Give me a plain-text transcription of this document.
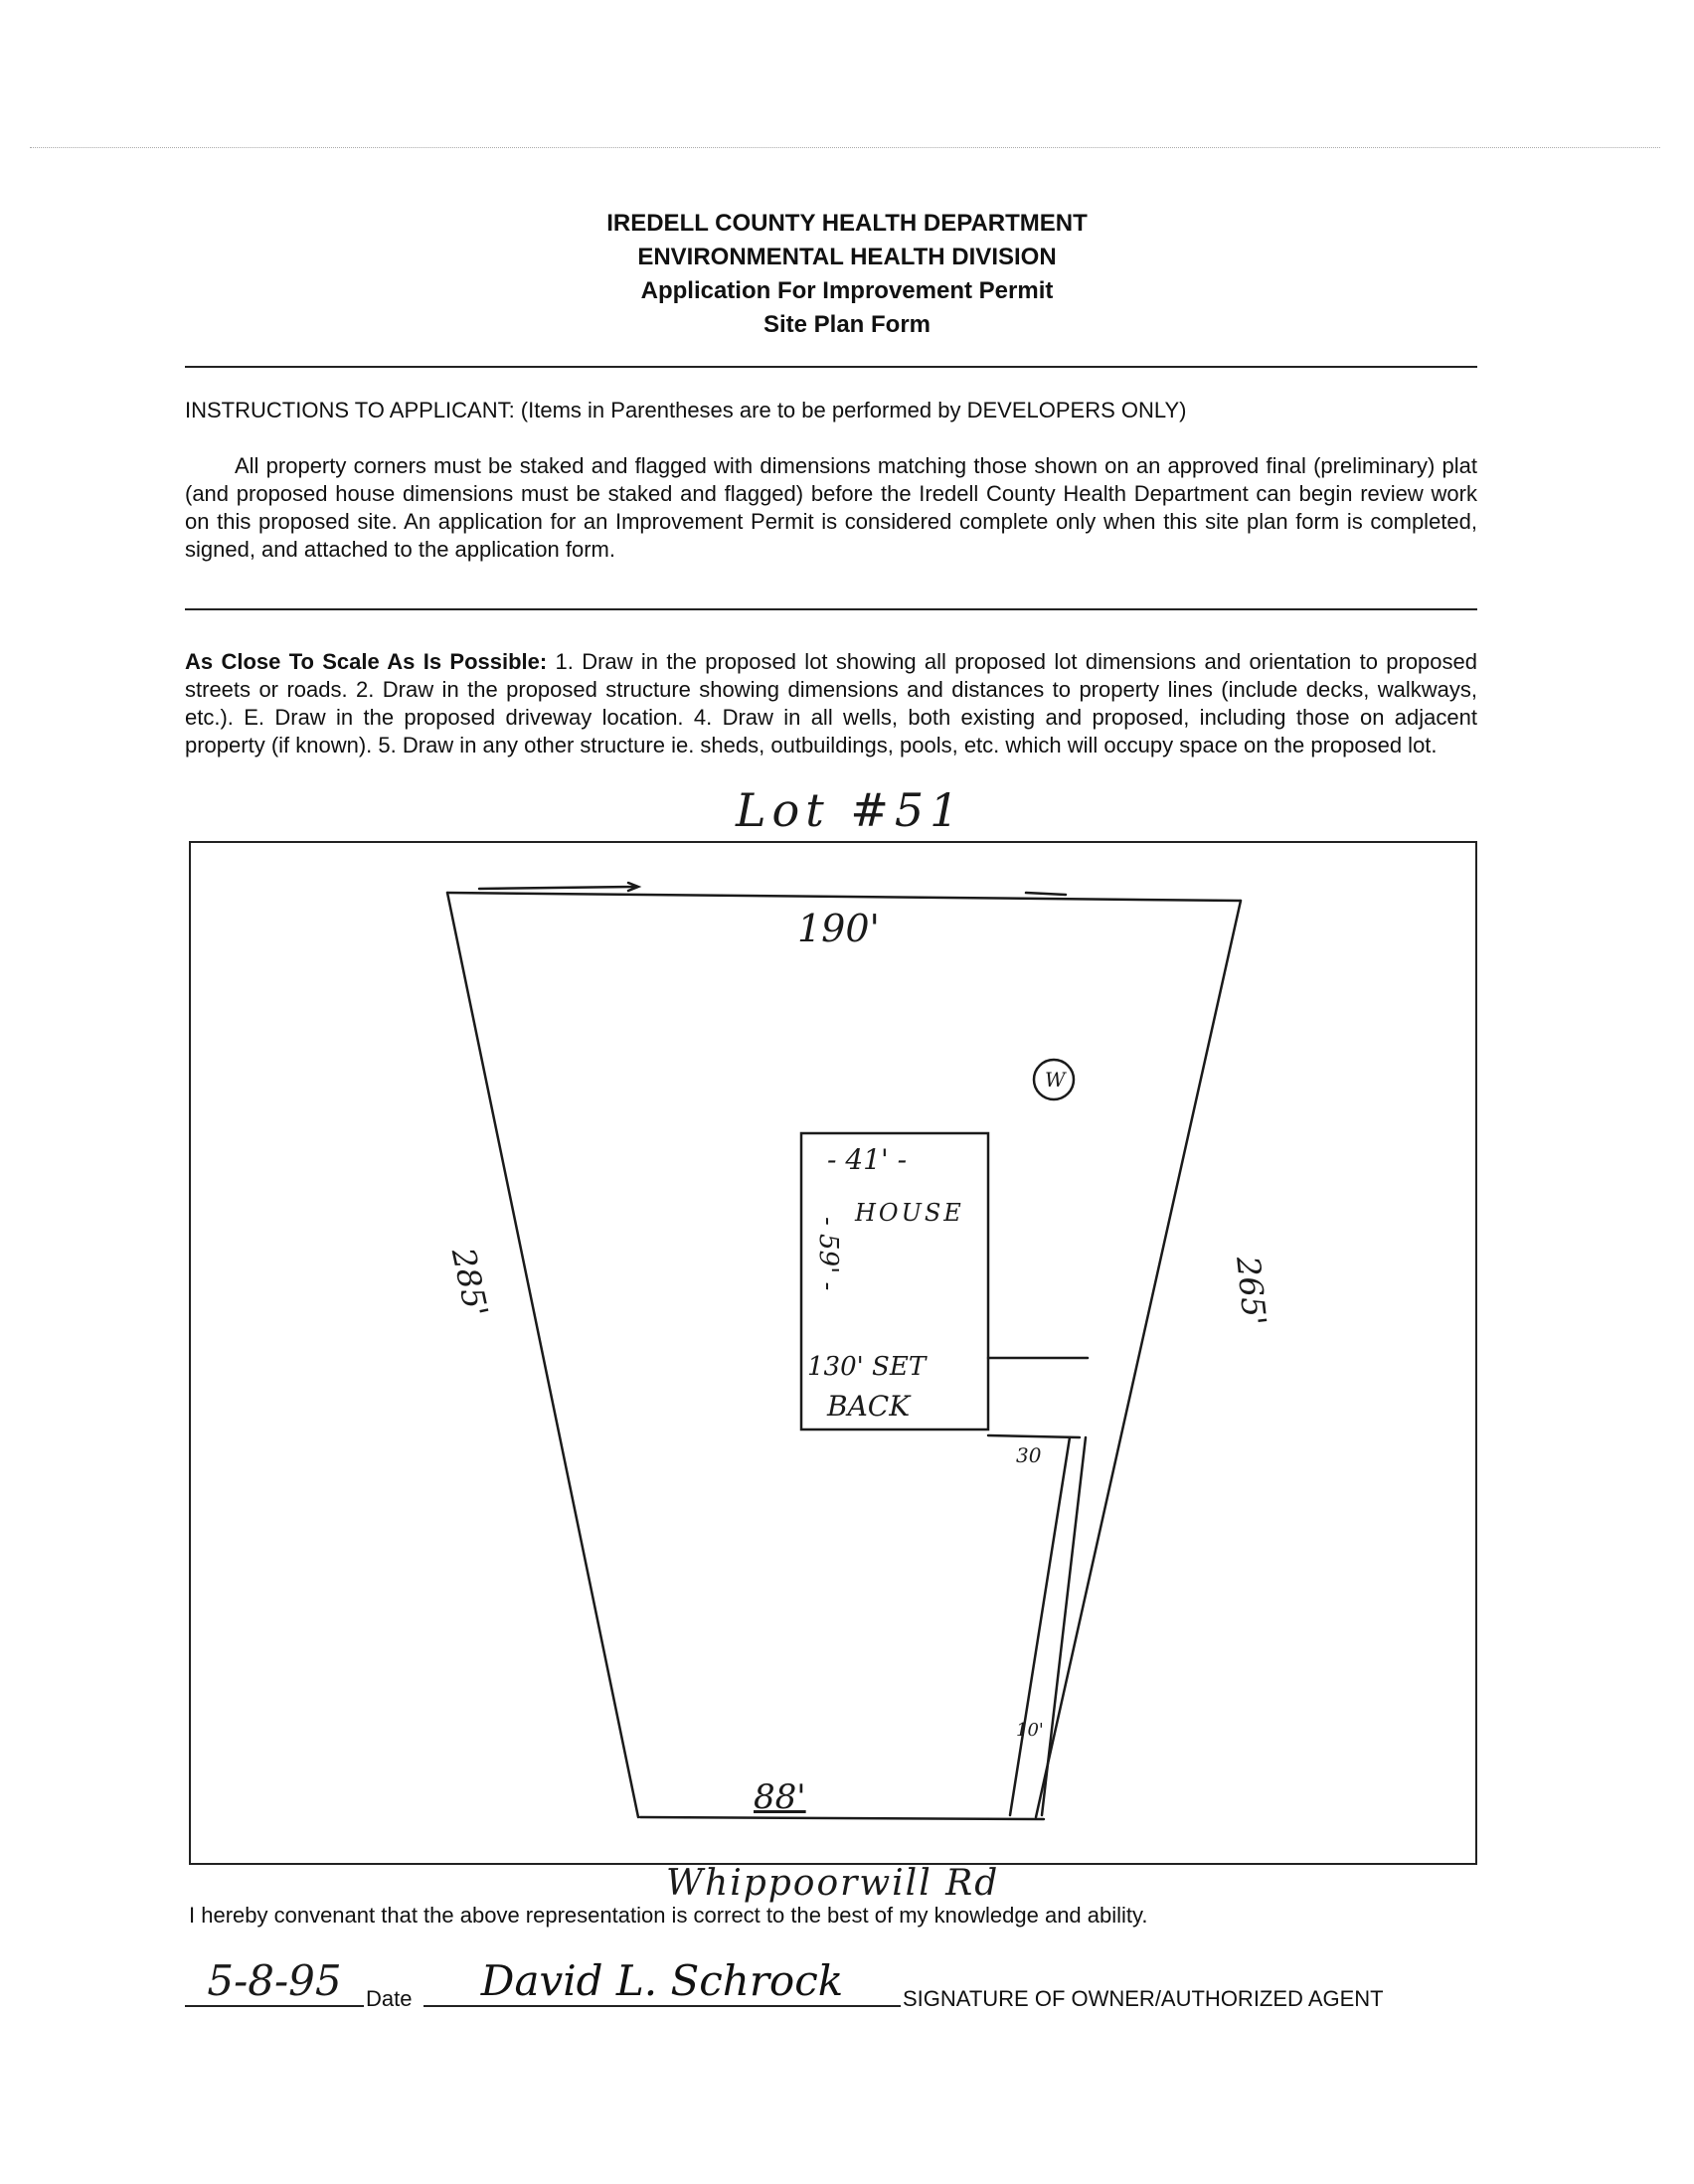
IREDELL COUNTY HEALTH DEPARTMENT
ENVIRONMENTAL HEALTH DIVISION
Application For Improvement Permit
Site Plan Form
INSTRUCTIONS TO APPLICANT: (Items in Parentheses are to be performed by DEVELOPERS ONLY)
All property corners must be staked and flagged with dimensions matching those shown on an approved final (preliminary) plat (and proposed house dimensions must be staked and flagged) before the Iredell County Health Department can begin review work on this proposed site. An application for an Improvement Permit is considered complete only when this site plan form is completed, signed, and attached to the application form.
As Close To Scale As Is Possible: 1. Draw in the proposed lot showing all proposed lot dimensions and orientation to proposed streets or roads. 2. Draw in the proposed structure showing dimensions and distances to property lines (include decks, walkways, etc.). E. Draw in the proposed driveway location. 4. Draw in all wells, both existing and proposed, including those on adjacent property (if known). 5. Draw in any other structure ie. sheds, outbuildings, pools, etc. which will occupy space on the proposed lot.
Lot #51
190'
285'	265'
88'
- 41' -
HOUSE
- 59' -
130' SET
BACK
30
10'
W
Whippoorwill Rd
I hereby convenant that the above representation is correct to the best of my knowledge and ability.
5-8-95	Date	David L. Schrock	SIGNATURE OF OWNER/AUTHORIZED AGENT
